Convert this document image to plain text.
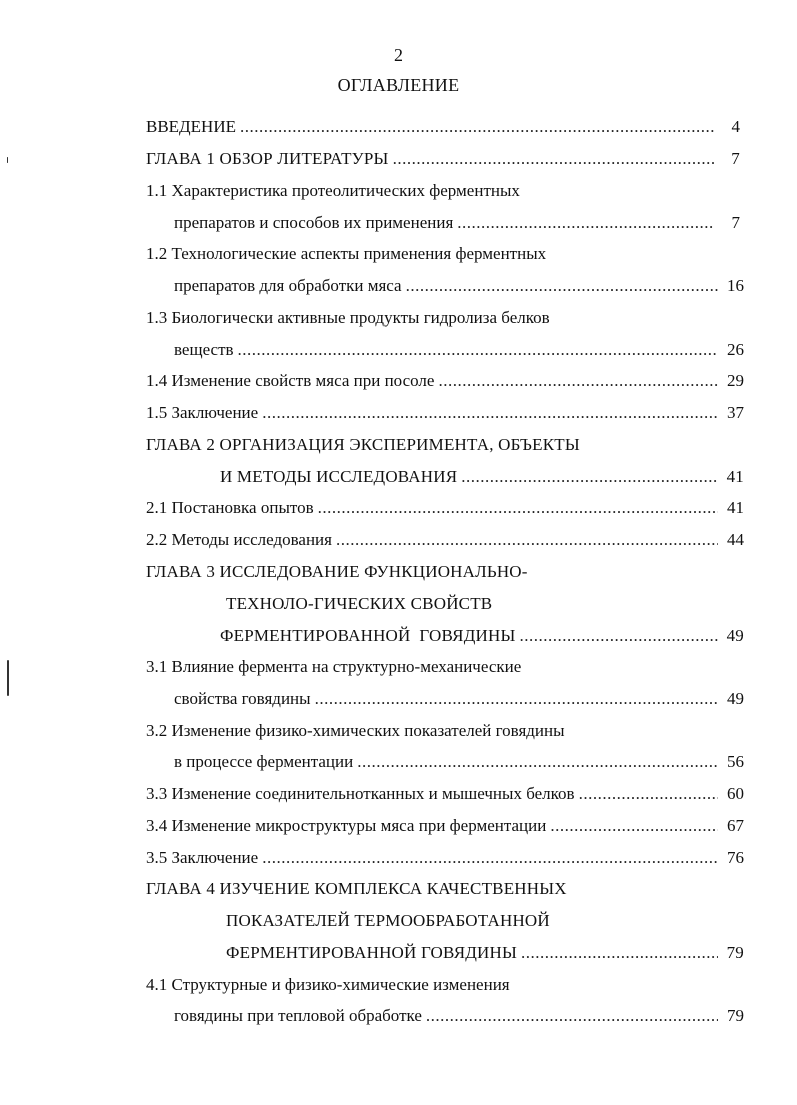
2
ОГЛАВЛЕНИЕ
ВВЕДЕНИЕ .....	4
ГЛАВА 1 ОБЗОР ЛИТЕРАТУРЫ .....	7
1.1 Характеристика протеолитических ферментных
препаратов и способов их применения .....	7
1.2 Технологические аспекты применения ферментных
препаратов для обработки мяса .....	16
1.3 Биологически активные продукты гидролиза белков
веществ .....	26
1.4 Изменение свойств мяса при посоле .....	29
1.5 Заключение .....	37
ГЛАВА 2 ОРГАНИЗАЦИЯ ЭКСПЕРИМЕНТА, ОБЪЕКТЫ
И МЕТОДЫ ИССЛЕДОВАНИЯ .....	41
2.1 Постановка опытов .....	41
2.2 Методы исследования .....	44
ГЛАВА 3 ИССЛЕДОВАНИЕ ФУНКЦИОНАЛЬНО-
ТЕХНОЛО-ГИЧЕСКИХ СВОЙСТВ
ФЕРМЕНТИРОВАННОЙ  ГОВЯДИНЫ .....	49
3.1 Влияние фермента на структурно-механические
свойства говядины .....	49
3.2 Изменение физико-химических показателей говядины
в процессе ферментации .....	56
3.3 Изменение соединительнотканных и мышечных белков .....	60
3.4 Изменение микроструктуры мяса при ферментации .....	67
3.5 Заключение .....	76
ГЛАВА 4 ИЗУЧЕНИЕ КОМПЛЕКСА КАЧЕСТВЕННЫХ
ПОКАЗАТЕЛЕЙ ТЕРМООБРАБОТАННОЙ
ФЕРМЕНТИРОВАННОЙ ГОВЯДИНЫ .....	79
4.1 Структурные и физико-химические изменения
говядины при тепловой обработке .....	79
